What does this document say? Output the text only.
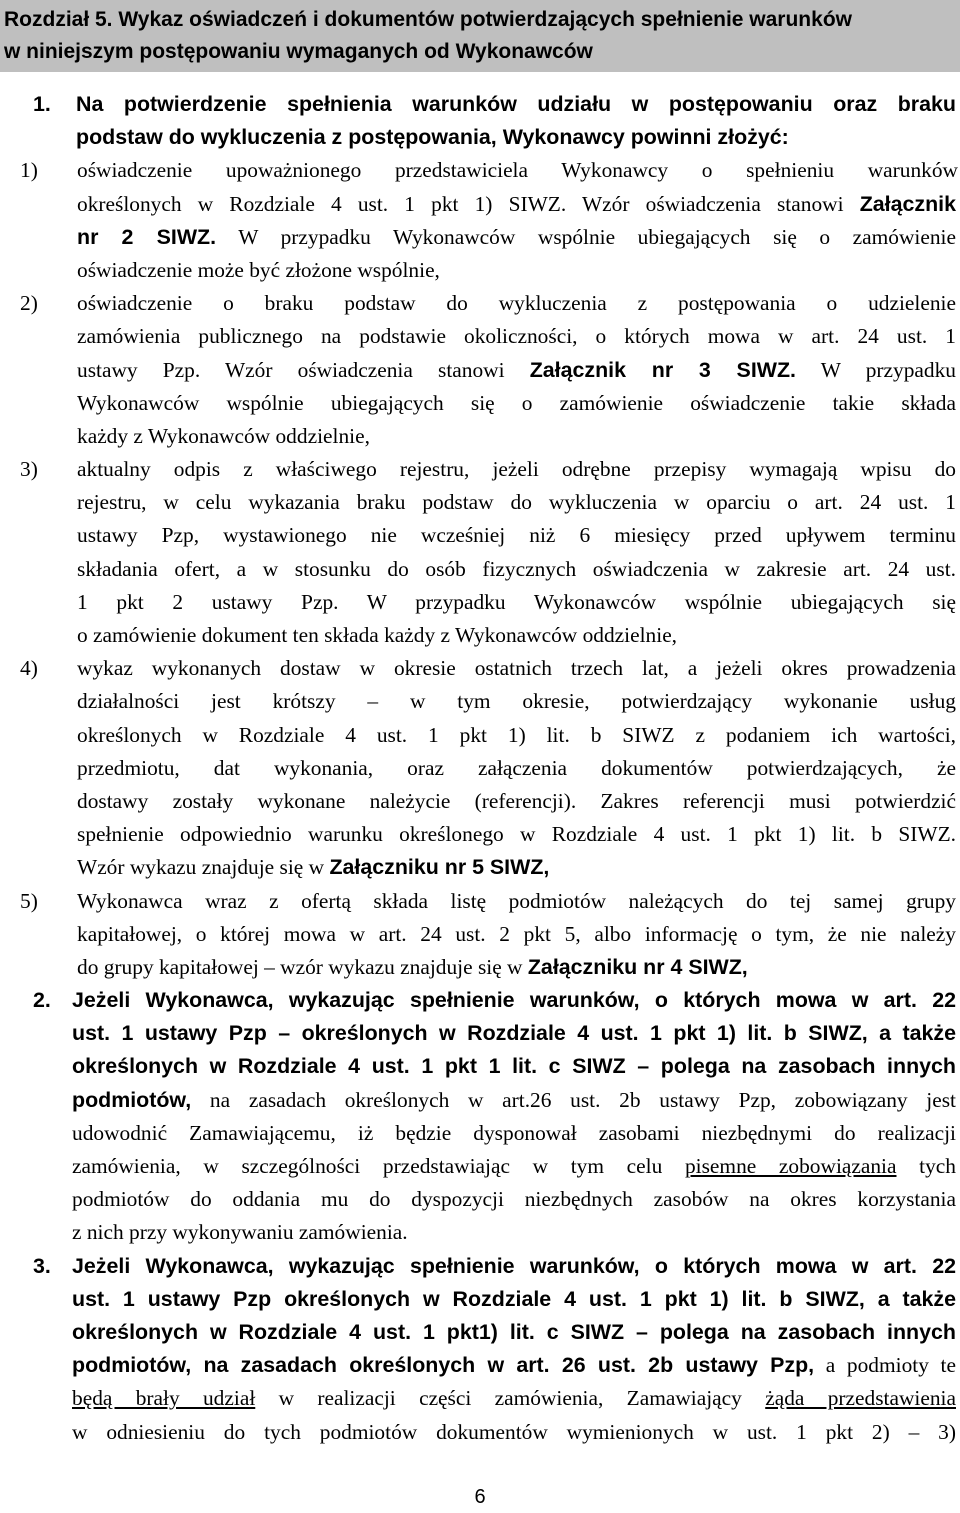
Rozdział 5. Wykaz oświadczeń i dokumentów potwierdzających spełnienie warunków
w niniejszym postępowaniu wymaganych od Wykonawców
1. Na potwierdzenie spełnienia warunków udziału w postępowaniu oraz braku
podstaw do wykluczenia z postępowania, Wykonawcy powinni złożyć:
1) oświadczenie upoważnionego przedstawiciela Wykonawcy o spełnieniu warunków
określonych w Rozdziale 4 ust. 1 pkt 1) SIWZ. Wzór oświadczenia stanowi Załącznik
nr 2 SIWZ. W przypadku Wykonawców wspólnie ubiegających się o zamówienie
oświadczenie może być złożone wspólnie,
2) oświadczenie o braku podstaw do wykluczenia z postępowania o udzielenie
zamówienia publicznego na podstawie okoliczności, o których mowa w art. 24 ust. 1
ustawy Pzp. Wzór oświadczenia stanowi Załącznik nr 3 SIWZ. W przypadku
Wykonawców wspólnie ubiegających się o zamówienie oświadczenie takie składa
każdy z Wykonawców oddzielnie,
3) aktualny odpis z właściwego rejestru, jeżeli odrębne przepisy wymagają wpisu do
rejestru, w celu wykazania braku podstaw do wykluczenia w oparciu o art. 24 ust. 1
ustawy Pzp, wystawionego nie wcześniej niż 6 miesięcy przed upływem terminu
składania ofert, a w stosunku do osób fizycznych oświadczenia w zakresie art. 24 ust.
1 pkt 2 ustawy Pzp. W przypadku Wykonawców wspólnie ubiegających się
o zamówienie dokument ten składa każdy z Wykonawców oddzielnie,
4) wykaz wykonanych dostaw w okresie ostatnich trzech lat, a jeżeli okres prowadzenia
działalności jest krótszy – w tym okresie, potwierdzający wykonanie usług
określonych w Rozdziale 4 ust. 1 pkt 1) lit. b SIWZ z podaniem ich wartości,
przedmiotu, dat wykonania, oraz załączenia dokumentów potwierdzających, że
dostawy zostały wykonane należycie (referencji). Zakres referencji musi potwierdzić
spełnienie odpowiednio warunku określonego w Rozdziale 4 ust. 1 pkt 1) lit. b SIWZ.
Wzór wykazu znajduje się w Załączniku nr 5 SIWZ,
5) Wykonawca wraz z ofertą składa listę podmiotów należących do tej samej grupy
kapitałowej, o której mowa w art. 24 ust. 2 pkt 5, albo informację o tym, że nie należy
do grupy kapitałowej – wzór wykazu znajduje się w Załączniku nr 4 SIWZ,
2. Jeżeli Wykonawca, wykazując spełnienie warunków, o których mowa w art. 22
ust. 1 ustawy Pzp – określonych w Rozdziale 4 ust. 1 pkt 1) lit. b SIWZ, a także
określonych w Rozdziale 4 ust. 1 pkt 1 lit. c SIWZ – polega na zasobach innych
podmiotów, na zasadach określonych w art.26 ust. 2b ustawy Pzp, zobowiązany jest
udowodnić Zamawiającemu, iż będzie dysponował zasobami niezbędnymi do realizacji
zamówienia, w szczególności przedstawiając w tym celu pisemne zobowiązania tych
podmiotów do oddania mu do dyspozycji niezbędnych zasobów na okres korzystania
z nich przy wykonywaniu zamówienia.
3. Jeżeli Wykonawca, wykazując spełnienie warunków, o których mowa w art. 22
ust. 1 ustawy Pzp określonych w Rozdziale 4 ust. 1 pkt 1) lit. b SIWZ, a także
określonych w Rozdziale 4 ust. 1 pkt1) lit. c SIWZ – polega na zasobach innych
podmiotów, na zasadach określonych w art. 26 ust. 2b ustawy Pzp, a podmioty te
będą brały udział w realizacji części zamówienia, Zamawiający żąda przedstawienia
w odniesieniu do tych podmiotów dokumentów wymienionych w ust. 1 pkt 2) – 3)
6
